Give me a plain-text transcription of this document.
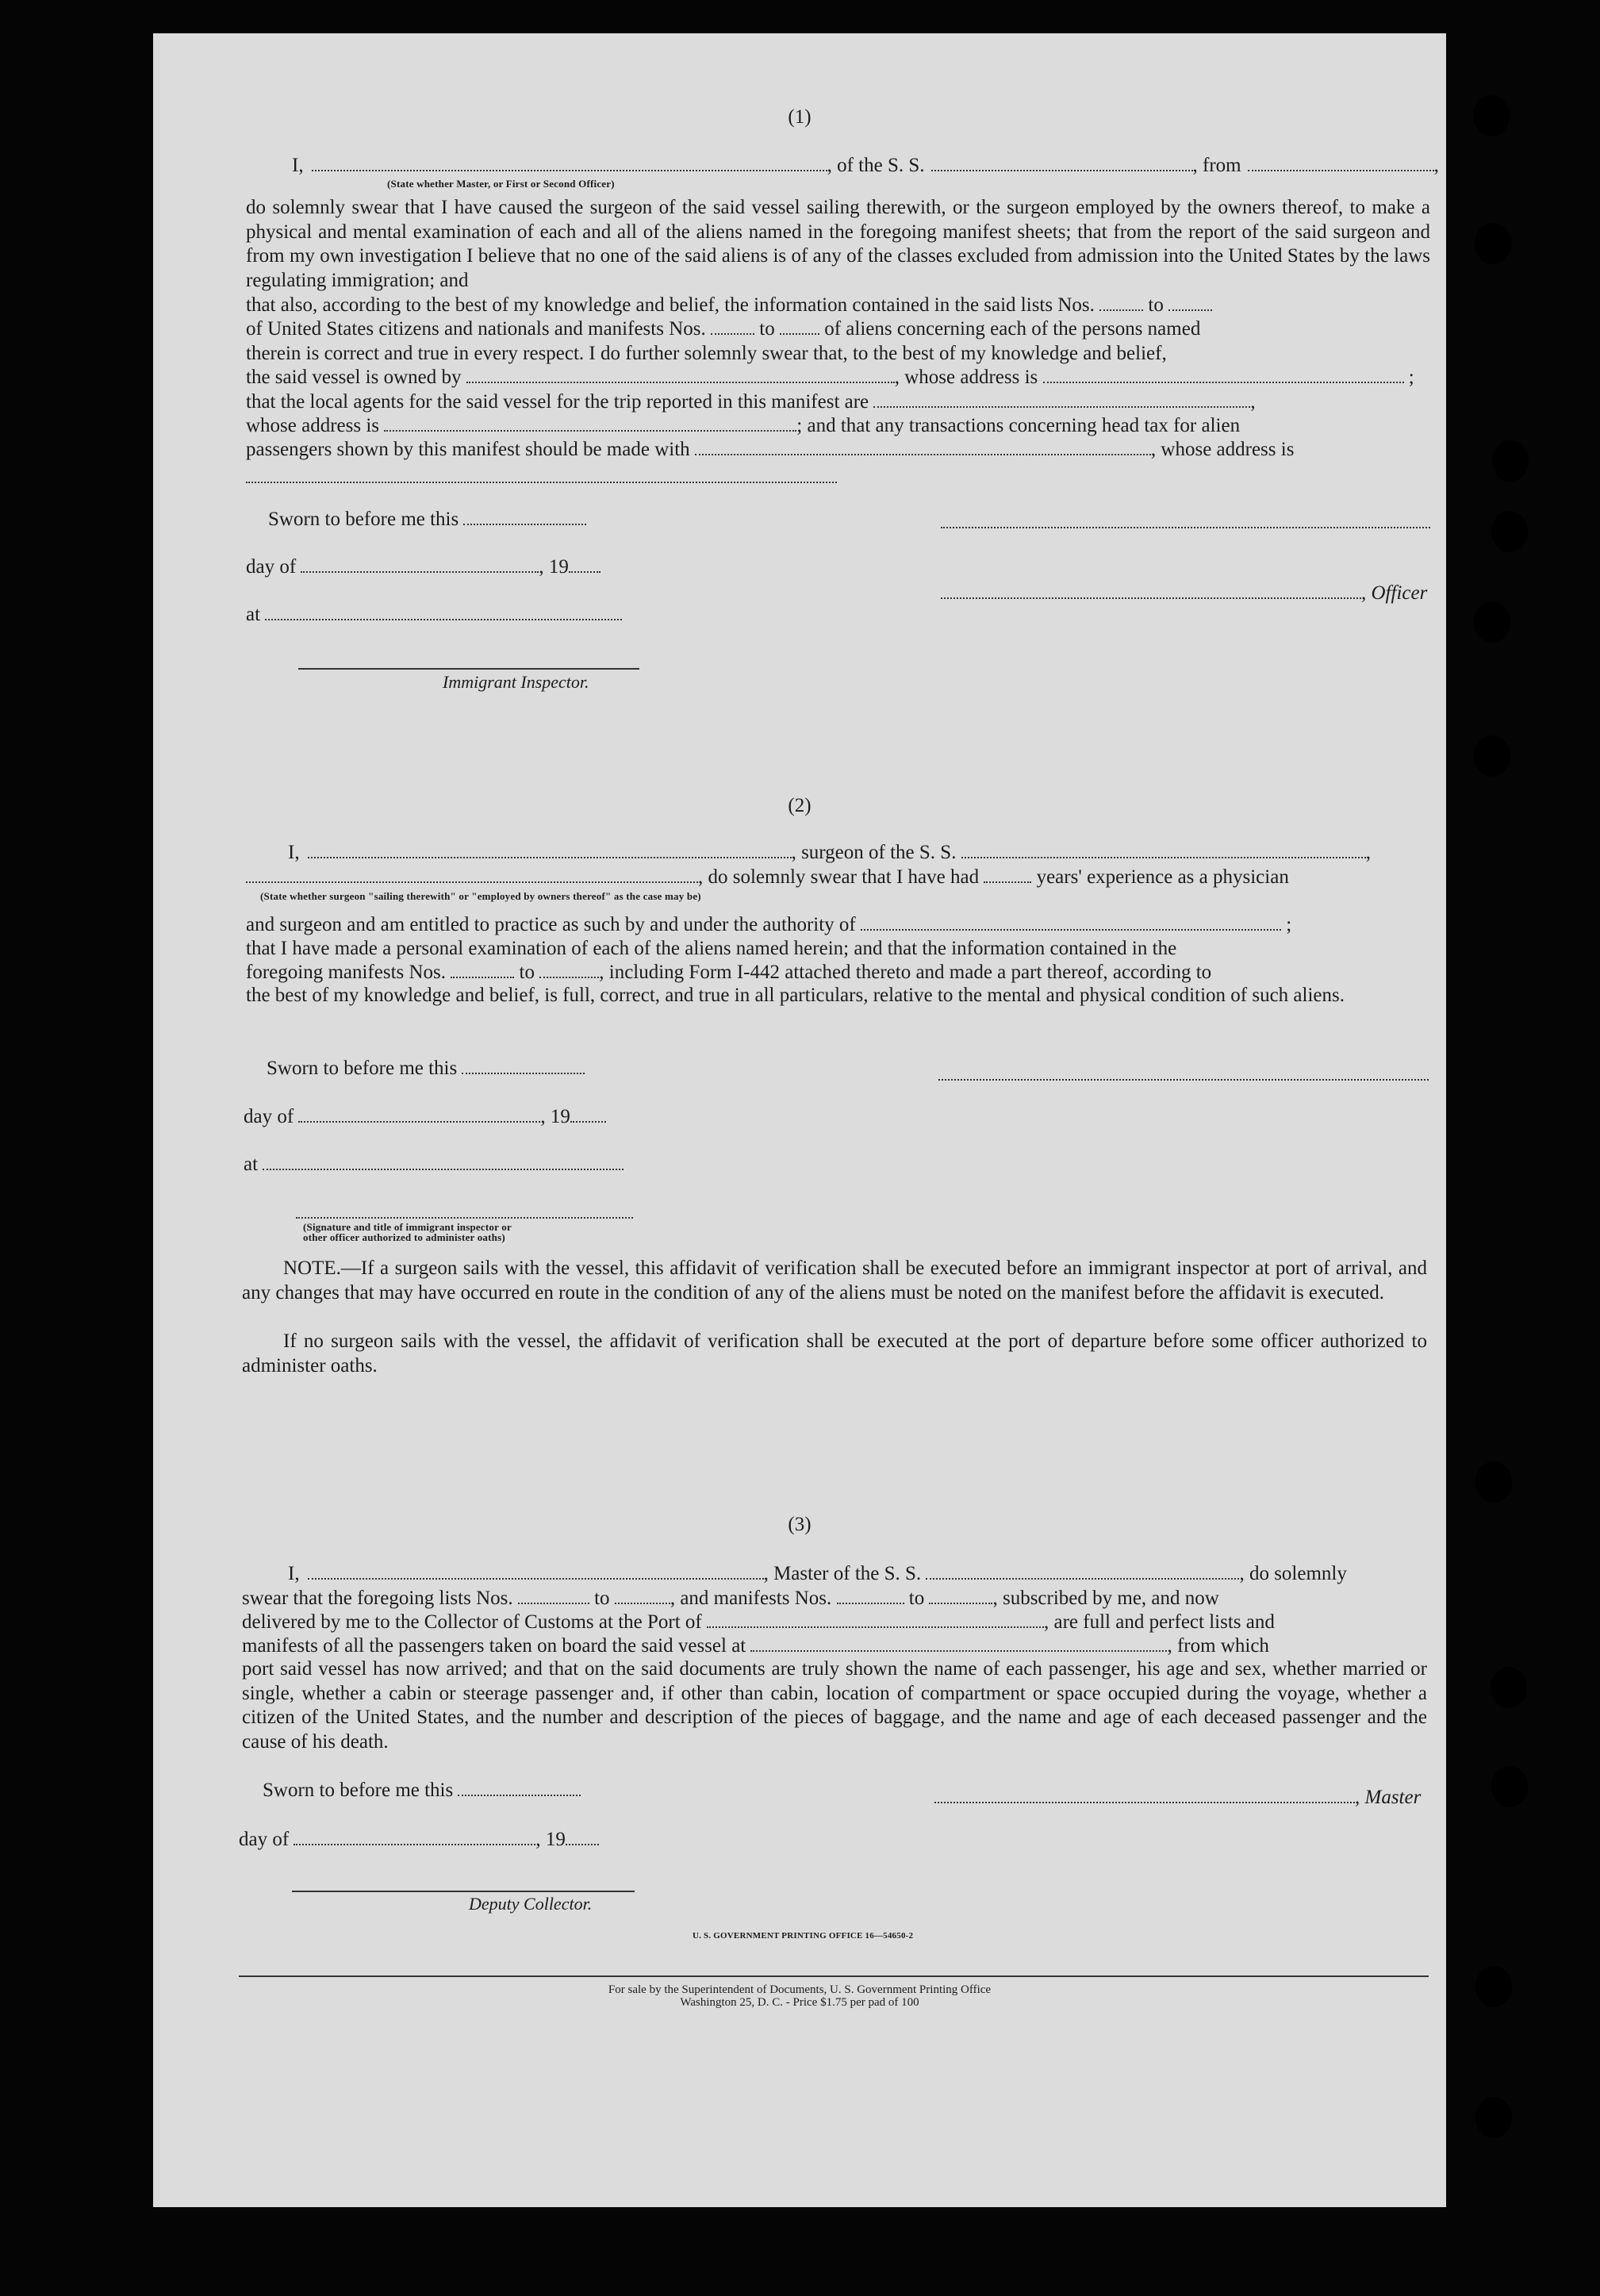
(1)
I,	, of the S. S.	, from	,
(State whether Master, or First or Second Officer)

do solemnly swear that I have caused the surgeon of the said vessel sailing therewith, or the surgeon employed by the owners thereof, to make a physical and mental examination of each and all of the aliens named in the foregoing manifest sheets; that from the report of the said surgeon and from my own investigation I believe that no one of the said aliens is of any of the classes excluded from admission into the United States by the laws regulating immigration; and

that also, according to the best of my knowledge and belief, the information contained in the said lists Nos.	to
of United States citizens and nationals and manifests Nos.	to	of aliens concerning each of the persons named
therein is correct and true in every respect. I do further solemnly swear that, to the best of my knowledge and belief,
the said vessel is owned by	, whose address is	;
that the local agents for the said vessel for the trip reported in this manifest are	,
whose address is	; and that any transactions concerning head tax for alien
passengers shown by this manifest should be made with	, whose address is
Sworn to before me this
day of	, 19
at
Immigrant Inspector.
, Officer
(2)
I,	, surgeon of the S. S.	,
, do solemnly swear that I have had	years' experience as a physician
(State whether surgeon "sailing therewith" or "employed by owners thereof" as the case may be)
and surgeon and am entitled to practice as such by and under the authority of	;
that I have made a personal examination of each of the aliens named herein; and that the information contained in the
foregoing manifests Nos.	to	, including Form I-442 attached thereto and made a part thereof, according to

the best of my knowledge and belief, is full, correct, and true in all particulars, relative to the mental and physical condition of such aliens.

Sworn to before me this
day of	, 19
at
(Signature and title of immigrant inspector or
other officer authorized to administer oaths)

NOTE.—If a surgeon sails with the vessel, this affidavit of verification shall be executed before an immigrant inspector at port of arrival, and any changes that may have occurred en route in the condition of any of the aliens must be noted on the manifest before the affidavit is executed.

If no surgeon sails with the vessel, the affidavit of verification shall be executed at the port of departure before some officer authorized to administer oaths.

(3)
I,	, Master of the S. S.	, do solemnly
swear that the foregoing lists Nos.	to	, and manifests Nos.	to	, subscribed by me, and now
delivered by me to the Collector of Customs at the Port of	, are full and perfect lists and
manifests of all the passengers taken on board the said vessel at	, from which

port said vessel has now arrived; and that on the said documents are truly shown the name of each passenger, his age and sex, whether married or single, whether a cabin or steerage passenger and, if other than cabin, location of compartment or space occupied during the voyage, whether a citizen of the United States, and the number and description of the pieces of baggage, and the name and age of each deceased passenger and the cause of his death.

Sworn to before me this	, Master
day of	, 19
Deputy Collector.
U. S. GOVERNMENT PRINTING OFFICE 16—54650-2
For sale by the Superintendent of Documents, U. S. Government Printing Office
Washington 25, D. C. - Price $1.75 per pad of 100
